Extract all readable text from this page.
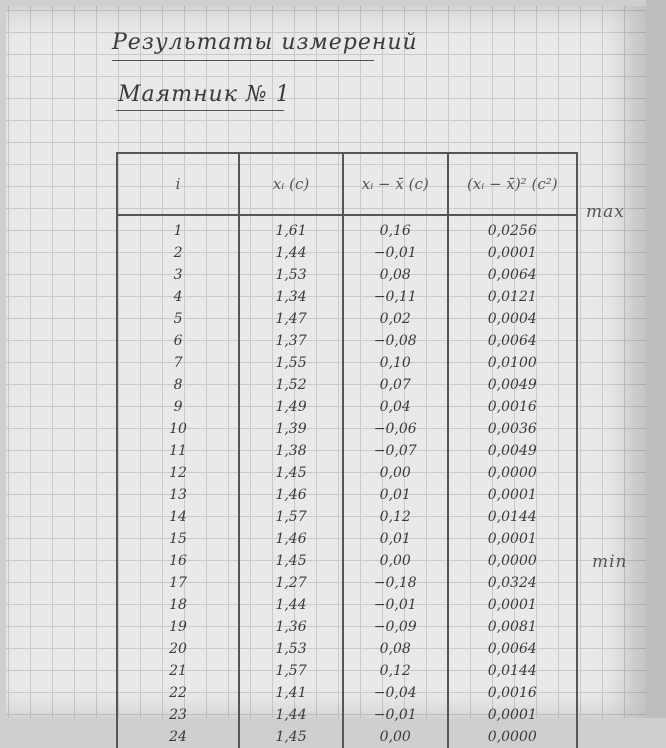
Результаты измерений
Маятник № 1
i	xᵢ (c)	xᵢ − x̄ (c)	(xᵢ − x̄)² (c²)
1	1,61	0,16	0,0256
2	1,44	−0,01	0,0001
3	1,53	0,08	0,0064
4	1,34	−0,11	0,0121
5	1,47	0,02	0,0004
6	1,37	−0,08	0,0064
7	1,55	0,10	0,0100
8	1,52	0,07	0,0049
9	1,49	0,04	0,0016
10	1,39	−0,06	0,0036
11	1,38	−0,07	0,0049
12	1,45	0,00	0,0000
13	1,46	0,01	0,0001
14	1,57	0,12	0,0144
15	1,46	0,01	0,0001
16	1,45	0,00	0,0000
17	1,27	−0,18	0,0324
18	1,44	−0,01	0,0001
19	1,36	−0,09	0,0081
20	1,53	0,08	0,0064
21	1,57	0,12	0,0144
22	1,41	−0,04	0,0016
23	1,44	−0,01	0,0001
24	1,45	0,00	0,0000
max
min
